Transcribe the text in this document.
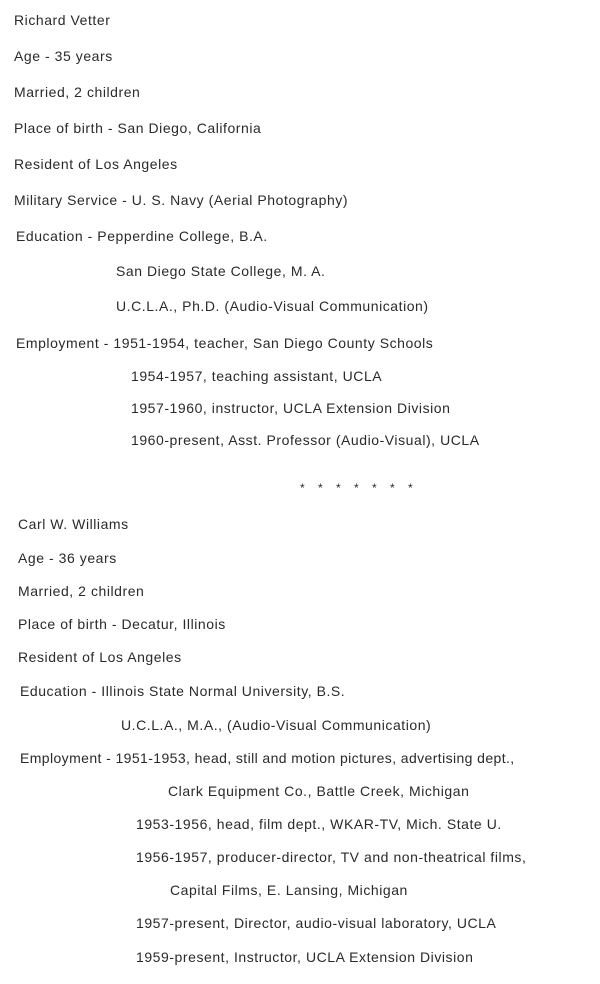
Richard Vetter
Age - 35 years
Married, 2 children
Place of birth - San Diego, California
Resident of Los Angeles
Military Service - U. S. Navy (Aerial Photography)
Education - Pepperdine College, B.A.
San Diego State College, M. A.
U.C.L.A., Ph.D. (Audio-Visual Communication)
Employment - 1951-1954, teacher, San Diego County Schools
1954-1957, teaching assistant, UCLA
1957-1960, instructor, UCLA Extension Division
1960-present, Asst. Professor (Audio-Visual), UCLA
* * * * * * *
Carl W. Williams
Age - 36 years
Married, 2 children
Place of birth - Decatur, Illinois
Resident of Los Angeles
Education - Illinois State Normal University, B.S.
U.C.L.A., M.A., (Audio-Visual Communication)
Employment - 1951-1953, head, still and motion pictures, advertising dept.,
Clark Equipment Co., Battle Creek, Michigan
1953-1956, head, film dept., WKAR-TV, Mich. State U.
1956-1957, producer-director, TV and non-theatrical films,
Capital Films, E. Lansing, Michigan
1957-present, Director, audio-visual laboratory, UCLA
1959-present, Instructor, UCLA Extension Division
